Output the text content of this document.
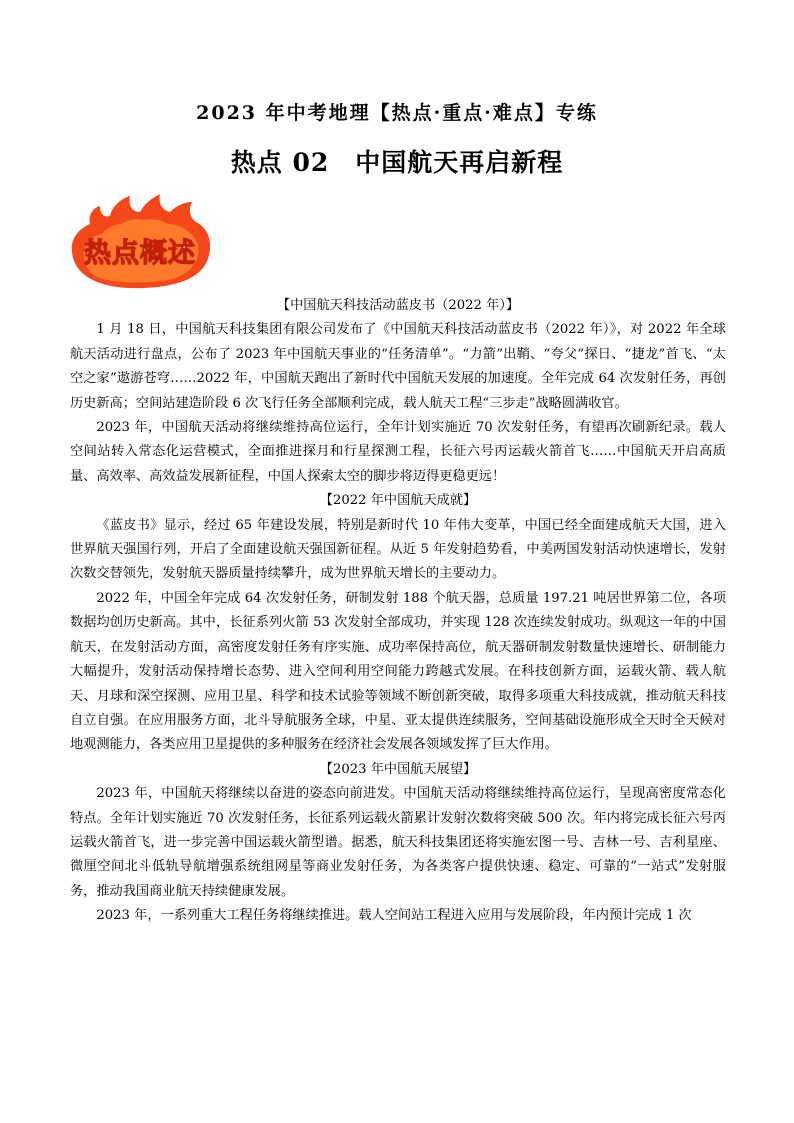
2023 年中考地理【热点·重点·难点】专练
热点 02　中国航天再启新程
热点概述

【中国航天科技活动蓝皮书（2022 年）】

1 月 18 日，中国航天科技集团有限公司发布了《中国航天科技活动蓝皮书（2022 年）》，对 2022 年全球航天活动进行盘点，公布了 2023 年中国航天事业的“任务清单”。“力箭”出鞘、“夸父”探日、“捷龙”首飞、“太空之家”遨游苍穹……2022 年，中国航天跑出了新时代中国航天发展的加速度。全年完成 64 次发射任务，再创历史新高；空间站建造阶段 6 次飞行任务全部顺利完成，载人航天工程“三步走”战略圆满收官。

2023 年，中国航天活动将继续维持高位运行，全年计划实施近 70 次发射任务，有望再次刷新纪录。载人空间站转入常态化运营模式，全面推进探月和行星探测工程，长征六号丙运载火箭首飞……中国航天开启高质量、高效率、高效益发展新征程，中国人探索太空的脚步将迈得更稳更远！

【2022 年中国航天成就】

《蓝皮书》显示，经过 65 年建设发展，特别是新时代 10 年伟大变革，中国已经全面建成航天大国，进入世界航天强国行列，开启了全面建设航天强国新征程。从近 5 年发射趋势看，中美两国发射活动快速增长，发射次数交替领先，发射航天器质量持续攀升，成为世界航天增长的主要动力。

2022 年，中国全年完成 64 次发射任务，研制发射 188 个航天器，总质量 197.21 吨居世界第二位，各项数据均创历史新高。其中，长征系列火箭 53 次发射全部成功，并实现 128 次连续发射成功。纵观这一年的中国航天，在发射活动方面，高密度发射任务有序实施、成功率保持高位，航天器研制发射数量快速增长、研制能力大幅提升，发射活动保持增长态势、进入空间利用空间能力跨越式发展。在科技创新方面，运载火箭、载人航天、月球和深空探测、应用卫星、科学和技术试验等领域不断创新突破，取得多项重大科技成就，推动航天科技自立自强。在应用服务方面，北斗导航服务全球，中星、亚太提供连续服务，空间基础设施形成全天时全天候对地观测能力，各类应用卫星提供的多种服务在经济社会发展各领域发挥了巨大作用。

【2023 年中国航天展望】

2023 年，中国航天将继续以奋进的姿态向前进发。中国航天活动将继续维持高位运行，呈现高密度常态化特点。全年计划实施近 70 次发射任务，长征系列运载火箭累计发射次数将突破 500 次。年内将完成长征六号丙运载火箭首飞，进一步完善中国运载火箭型谱。据悉，航天科技集团还将实施宏图一号、吉林一号、吉利星座、微厘空间北斗低轨导航增强系统组网星等商业发射任务，为各类客户提供快速、稳定、可靠的“一站式”发射服务，推动我国商业航天持续健康发展。

2023 年，一系列重大工程任务将继续推进。载人空间站工程进入应用与发展阶段，年内预计完成 1 次
